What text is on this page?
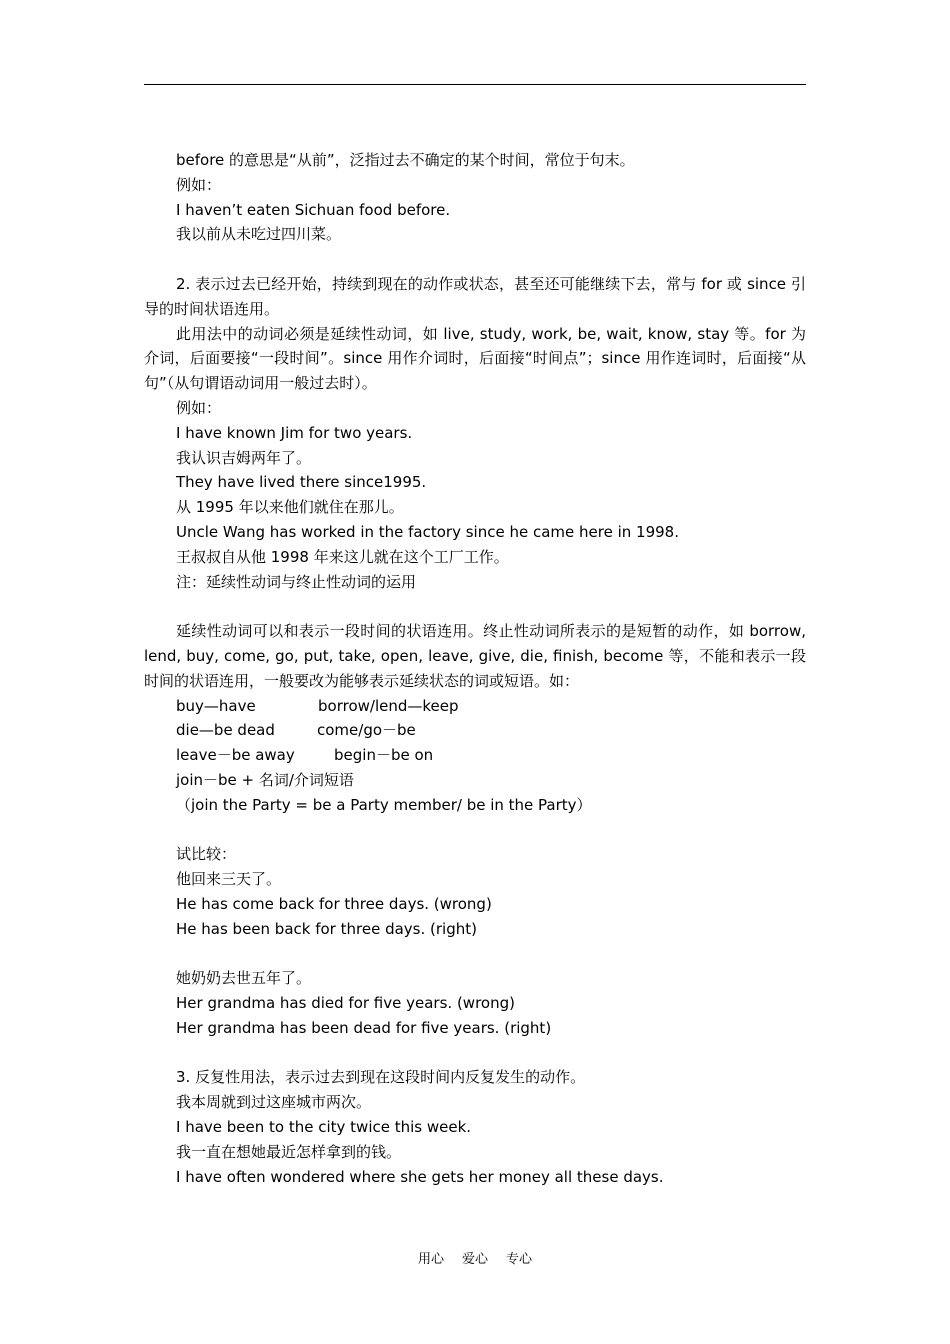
before 的意思是“从前”，泛指过去不确定的某个时间，常位于句末。

例如：

I haven’t eaten Sichuan food before.

我以前从未吃过四川菜。

2. 表示过去已经开始，持续到现在的动作或状态，甚至还可能继续下去，常与 for 或 since 引导的时间状语连用。

此用法中的动词必须是延续性动词，如 live, study, work, be, wait, know, stay 等。for 为介词，后面要接“一段时间”。since 用作介词时，后面接“时间点”；since 用作连词时，后面接“从句”（从句谓语动词用一般过去时）。

例如：

I have known Jim for two years.

我认识吉姆两年了。

They have lived there since1995.

从 1995 年以来他们就住在那儿。

Uncle Wang has worked in the factory since he came here in 1998.

王叔叔自从他 1998 年来这儿就在这个工厂工作。

注：延续性动词与终止性动词的运用

延续性动词可以和表示一段时间的状语连用。终止性动词所表示的是短暂的动作，如 borrow, lend, buy, come, go, put, take, open, leave, give, die, finish, become 等，不能和表示一段时间的状语连用，一般要改为能够表示延续状态的词或短语。如：

buy—have	borrow/lend—keep

die—be dead	come/go－be

leave－be away	begin－be on

join－be + 名词/介词短语

（join the Party = be a Party member/ be in the Party）

试比较：

他回来三天了。

He has come back for three days. (wrong)

He has been back for three days. (right)

她奶奶去世五年了。

Her grandma has died for five years. (wrong)

Her grandma has been dead for five years. (right)

3. 反复性用法，表示过去到现在这段时间内反复发生的动作。

我本周就到过这座城市两次。

I have been to the city twice this week.

我一直在想她最近怎样拿到的钱。

I have often wondered where she gets her money all these days.

用心 爱心 专心
